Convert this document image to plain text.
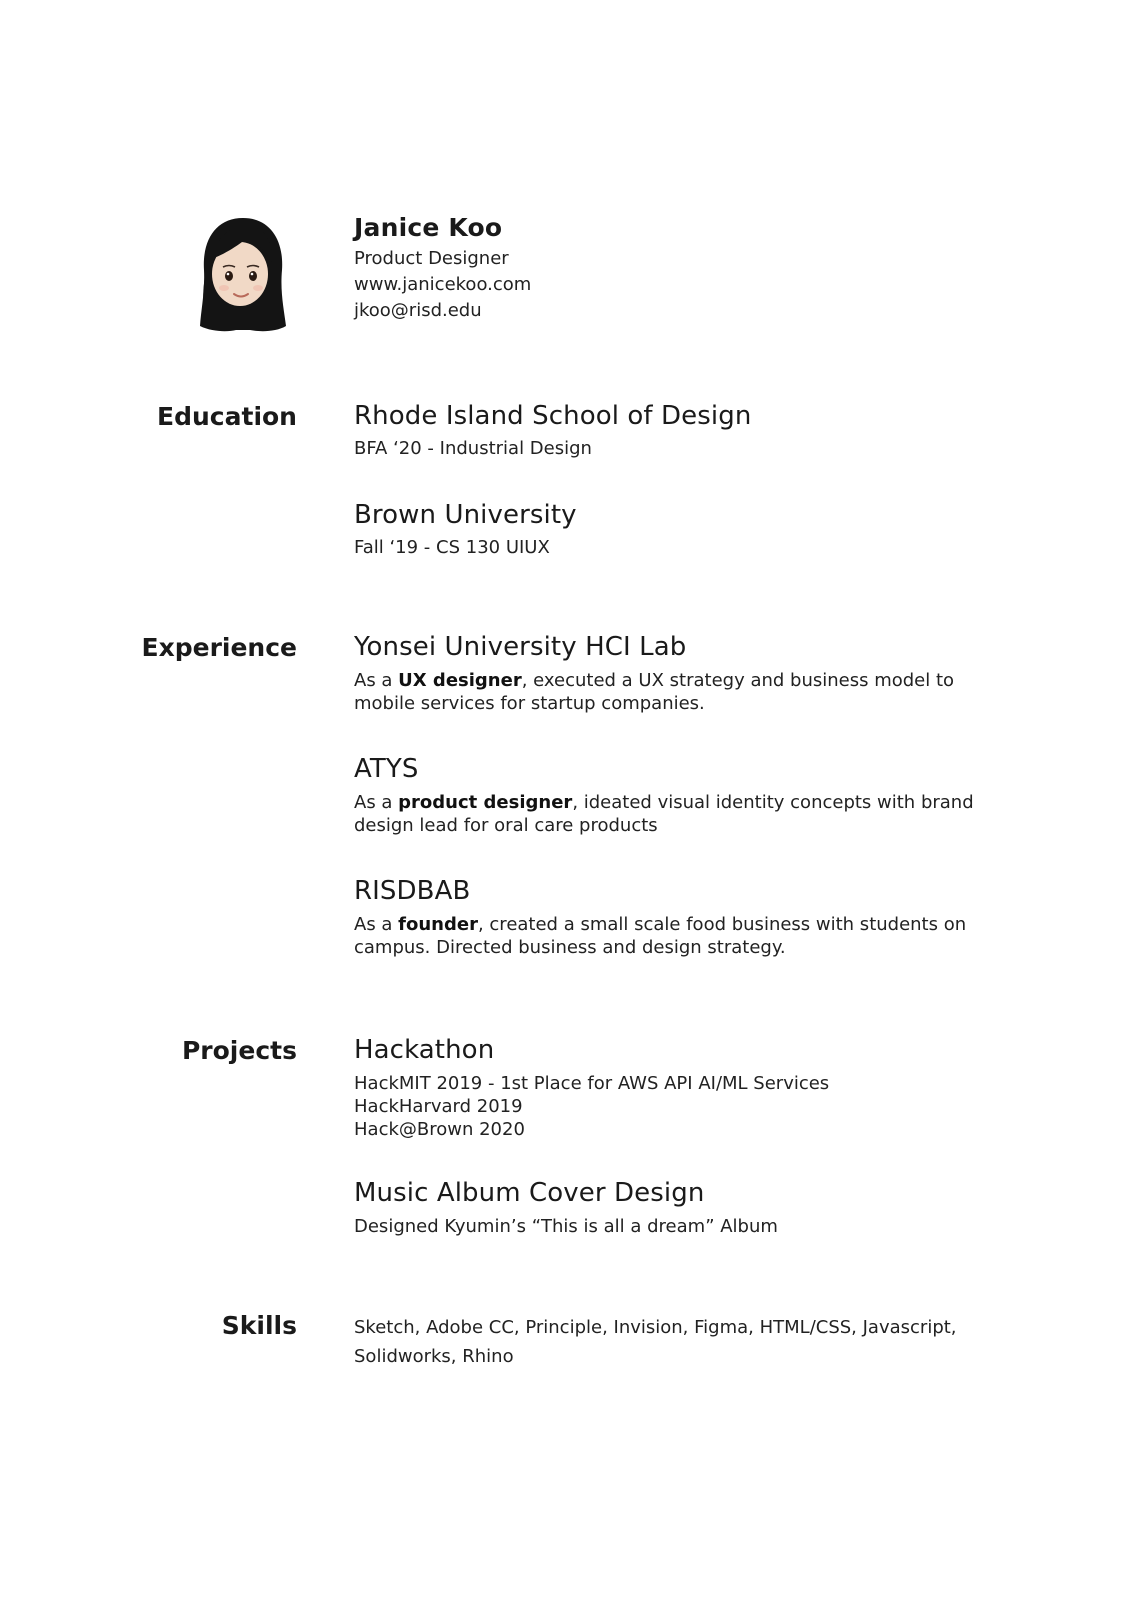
Janice Koo
Product Designer
www.janicekoo.com
jkoo@risd.edu
Education Rhode Island School of Design
BFA ‘20 - Industrial Design
Brown University
Fall ‘19 - CS 130 UIUX
Experience Yonsei University HCI Lab
As a UX designer, executed a UX strategy and business model to mobile services for startup companies.
ATYS
As a product designer, ideated visual identity concepts with brand design lead for oral care products
RISDBAB
As a founder, created a small scale food business with students on campus. Directed business and design strategy.
Projects Hackathon
HackMIT 2019 - 1st Place for AWS API AI/ML Services
HackHarvard 2019
Hack@Brown 2020
Music Album Cover Design
Designed Kyumin’s “This is all a dream” Album
Skills	Sketch, Adobe CC, Principle, Invision, Figma, HTML/CSS, Javascript, Solidworks, Rhino
